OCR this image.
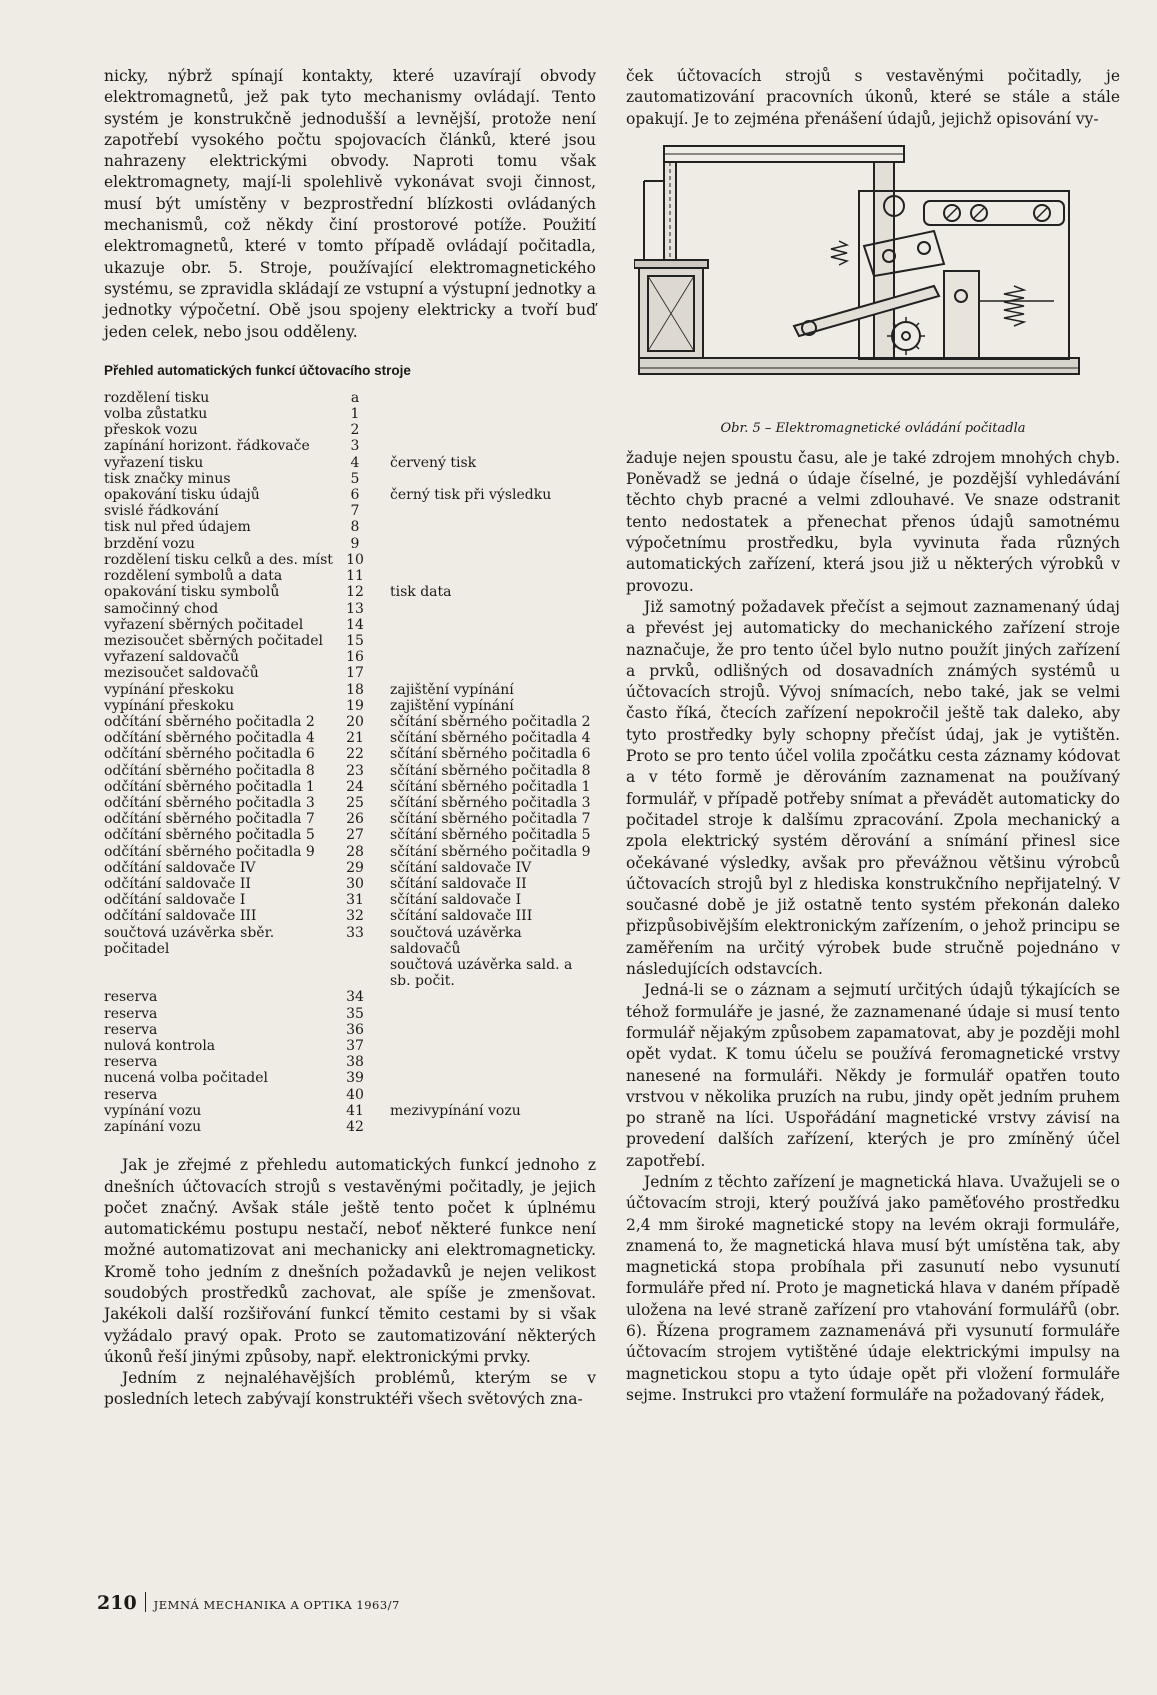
nicky, nýbrž spínají kontakty, které uzavírají obvody elektromagnetů, jež pak tyto mechanismy ovládají. Tento systém je konstrukčně jednodušší a levnější, protože není zapotřebí vysokého počtu spojovacích článků, které jsou nahrazeny elektrickými obvody. Naproti tomu však elektromagnety, mají-li spolehlivě vykonávat svoji činnost, musí být umístěny v bezprostřední blízkosti ovládaných mechanismů, což někdy činí prostorové potíže. Použití elektromagnetů, které v tomto případě ovládají počitadla, ukazuje obr. 5. Stroje, používající elektromagnetického systému, se zpravidla skládají ze vstupní a výstupní jednotky a jednotky výpočetní. Obě jsou spojeny elektricky a tvoří buď jeden celek, nebo jsou odděleny.

Přehled automatických funkcí účtovacího stroje
rozdělení tisku	a	
volba zůstatku	1	
přeskok vozu	2	
zapínání horizont. řádkovače	3	
vyřazení tisku	4	červený tisk
tisk značky minus	5	
opakování tisku údajů	6	černý tisk při výsledku
svislé řádkování	7	
tisk nul před údajem	8	
brzdění vozu	9	
rozdělení tisku celků a des. míst	10	
rozdělení symbolů a data	11	
opakování tisku symbolů	12	tisk data
samočinný chod	13	
vyřazení sběrných počitadel	14	
mezisoučet sběrných počitadel	15	
vyřazení saldovačů	16	
mezisoučet saldovačů	17	
vypínání přeskoku	18	zajištění vypínání
vypínání přeskoku	19	zajištění vypínání
odčítání sběrného počitadla 2	20	sčítání sběrného počitadla 2
odčítání sběrného počitadla 4	21	sčítání sběrného počitadla 4
odčítání sběrného počitadla 6	22	sčítání sběrného počitadla 6
odčítání sběrného počitadla 8	23	sčítání sběrného počitadla 8
odčítání sběrného počitadla 1	24	sčítání sběrného počitadla 1
odčítání sběrného počitadla 3	25	sčítání sběrného počitadla 3
odčítání sběrného počitadla 7	26	sčítání sběrného počitadla 7
odčítání sběrného počitadla 5	27	sčítání sběrného počitadla 5
odčítání sběrného počitadla 9	28	sčítání sběrného počitadla 9
odčítání saldovače IV	29	sčítání saldovače IV
odčítání saldovače II	30	sčítání saldovače II
odčítání saldovače I	31	sčítání saldovače I
odčítání saldovače III	32	sčítání saldovače III
součtová uzávěrka sběr. počitadel	33	součtová uzávěrka saldovačů
		součtová uzávěrka sald. a sb. počit.
reserva	34	
reserva	35	
reserva	36	
nulová kontrola	37	
reserva	38	
nucená volba počitadel	39	
reserva	40	
vypínání vozu	41	mezivypínání vozu
zapínání vozu	42	

Jak je zřejmé z přehledu automatických funkcí jednoho z dnešních účtovacích strojů s vestavěnými počitadly, je jejich počet značný. Avšak stále ještě tento počet k úplnému automatickému postupu nestačí, neboť některé funkce není možné automatizovat ani mechanicky ani elektromagneticky. Kromě toho jedním z dnešních požadavků je nejen velikost soudobých prostředků zachovat, ale spíše je zmenšovat. Jakékoli další rozšiřování funkcí těmito cestami by si však vyžádalo pravý opak. Proto se zautomatizování některých úkonů řeší jinými způsoby, např. elektronickými prvky.

Jedním z nejnaléhavějších problémů, kterým se v posledních letech zabývají konstruktéři všech světových zna-

ček účtovacích strojů s vestavěnými počitadly, je zautomatizování pracovních úkonů, které se stále a stále opakují. Je to zejména přenášení údajů, jejichž opisování vy-

Obr. 5 – Elektromagnetické ovládání počitadla

žaduje nejen spoustu času, ale je také zdrojem mnohých chyb. Poněvadž se jedná o údaje číselné, je pozdější vyhledávání těchto chyb pracné a velmi zdlouhavé. Ve snaze odstranit tento nedostatek a přenechat přenos údajů samotnému výpočetnímu prostředku, byla vyvinuta řada různých automatických zařízení, která jsou již u některých výrobků v provozu.

Již samotný požadavek přečíst a sejmout zaznamenaný údaj a převést jej automaticky do mechanického zařízení stroje naznačuje, že pro tento účel bylo nutno použít jiných zařízení a prvků, odlišných od dosavadních známých systémů u účtovacích strojů. Vývoj snímacích, nebo také, jak se velmi často říká, čtecích zařízení nepokročil ještě tak daleko, aby tyto prostředky byly schopny přečíst údaj, jak je vytištěn. Proto se pro tento účel volila zpočátku cesta záznamy kódovat a v této formě je děrováním zaznamenat na používaný formulář, v případě potřeby snímat a převádět automaticky do počitadel stroje k dalšímu zpracování. Zpola mechanický a zpola elektrický systém děrování a snímání přinesl sice očekávané výsledky, avšak pro převážnou většinu výrobců účtovacích strojů byl z hlediska konstrukčního nepřijatelný. V současné době je již ostatně tento systém překonán daleko přizpůsobivějším elektronickým zařízením, o jehož principu se zaměřením na určitý výrobek bude stručně pojednáno v následujících odstavcích.

Jedná-li se o záznam a sejmutí určitých údajů týkajících se téhož formuláře je jasné, že zaznamenané údaje si musí tento formulář nějakým způsobem zapamatovat, aby je později mohl opět vydat. K tomu účelu se používá feromagnetické vrstvy nanesené na formuláři. Někdy je formulář opatřen touto vrstvou v několika pruzích na rubu, jindy opět jedním pruhem po straně na líci. Uspořádání magnetické vrstvy závisí na provedení dalších zařízení, kterých je pro zmíněný účel zapotřebí.

Jedním z těchto zařízení je magnetická hlava. Uvažujeli se o účtovacím stroji, který používá jako paměťového prostředku 2,4 mm široké magnetické stopy na levém okraji formuláře, znamená to, že magnetická hlava musí být umístěna tak, aby magnetická stopa probíhala při zasunutí nebo vysunutí formuláře před ní. Proto je magnetická hlava v daném případě uložena na levé straně zařízení pro vtahování formulářů (obr. 6). Řízena programem zaznamenává při vysunutí formuláře účtovacím strojem vytištěné údaje elektrickými impulsy na magnetickou stopu a tyto údaje opět při vložení formuláře sejme. Instrukci pro vtažení formuláře na požadovaný řádek,

210 JEMNÁ MECHANIKA A OPTIKA 1963/7
